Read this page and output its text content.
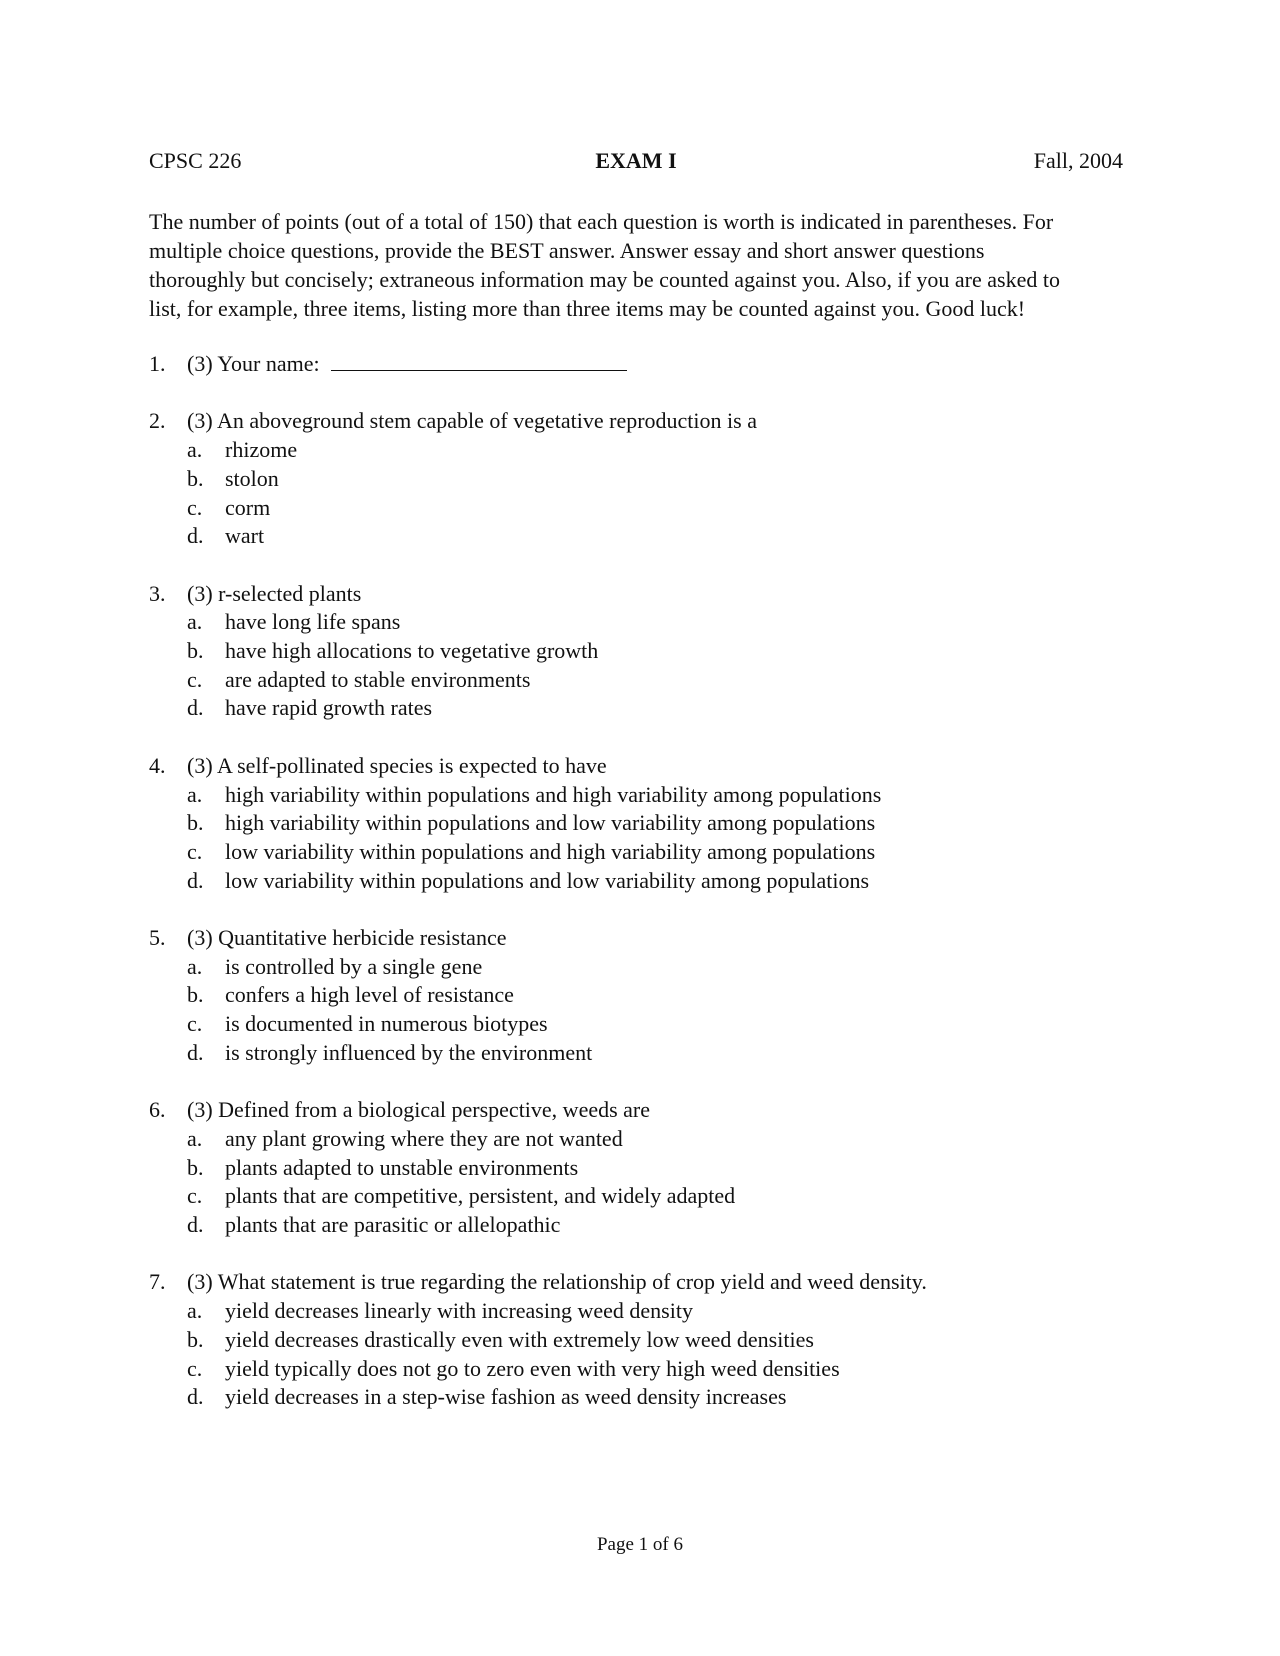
CPSC 226	EXAM I	Fall, 2004
The number of points (out of a total of 150) that each question is worth is indicated in parentheses. For
multiple choice questions, provide the BEST answer. Answer essay and short answer questions
thoroughly but concisely; extraneous information may be counted against you. Also, if you are asked to
list, for example, three items, listing more than three items may be counted against you. Good luck!
1. (3) Your name:
2. (3) An aboveground stem capable of vegetative reproduction is a
a. rhizome
b. stolon
c. corm
d. wart
3. (3) r-selected plants
a. have long life spans
b. have high allocations to vegetative growth
c. are adapted to stable environments
d. have rapid growth rates
4. (3) A self-pollinated species is expected to have
a. high variability within populations and high variability among populations
b. high variability within populations and low variability among populations
c. low variability within populations and high variability among populations
d. low variability within populations and low variability among populations
5. (3) Quantitative herbicide resistance
a. is controlled by a single gene
b. confers a high level of resistance
c. is documented in numerous biotypes
d. is strongly influenced by the environment
6. (3) Defined from a biological perspective, weeds are
a. any plant growing where they are not wanted
b. plants adapted to unstable environments
c. plants that are competitive, persistent, and widely adapted
d. plants that are parasitic or allelopathic
7. (3) What statement is true regarding the relationship of crop yield and weed density.
a. yield decreases linearly with increasing weed density
b. yield decreases drastically even with extremely low weed densities
c. yield typically does not go to zero even with very high weed densities
d. yield decreases in a step-wise fashion as weed density increases
Page 1 of 6
